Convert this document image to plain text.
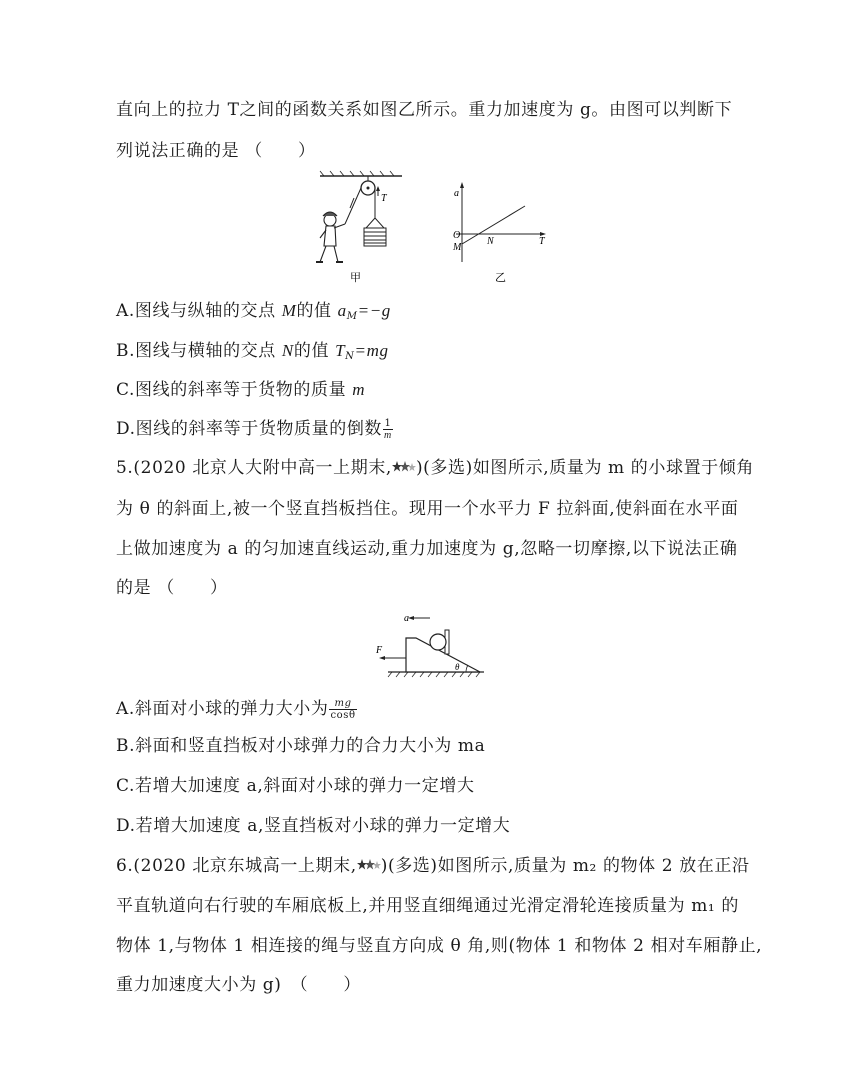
直向上的拉力 T之间的函数关系如图乙所示。重力加速度为 g。由图可以判断下
列说法正确的是 （　　）
T
甲
a
T
O
M
N
乙
A.图线与纵轴的交点 M的值 $a_M=-g$
B.图线与横轴的交点 N的值 $T_N=mg$
C.图线的斜率等于货物的质量 m
D.图线的斜率等于货物质量的倒数 $\frac{1}{m}$
5.(2020 北京人大附中高一上期末, )(多选)如图所示,质量为 m 的小球置于倾角
为 θ 的斜面上,被一个竖直挡板挡住。现用一个水平力 F 拉斜面,使斜面在水平面
上做加速度为 a 的匀加速直线运动,重力加速度为 g,忽略一切摩擦,以下说法正确
的是 （　　）
a
F
θ
A.斜面对小球的弹力大小为 $\frac{mg}{\cos\theta}$
B.斜面和竖直挡板对小球弹力的合力大小为 ma
C.若增大加速度 a,斜面对小球的弹力一定增大
D.若增大加速度 a,竖直挡板对小球的弹力一定增大
6.(2020 北京东城高一上期末, )(多选)如图所示,质量为 m₂ 的物体 2 放在正沿
平直轨道向右行驶的车厢底板上,并用竖直细绳通过光滑定滑轮连接质量为 m₁ 的
物体 1,与物体 1 相连接的绳与竖直方向成 θ 角,则(物体 1 和物体 2 相对车厢静止,
重力加速度大小为 g)　（　　）
